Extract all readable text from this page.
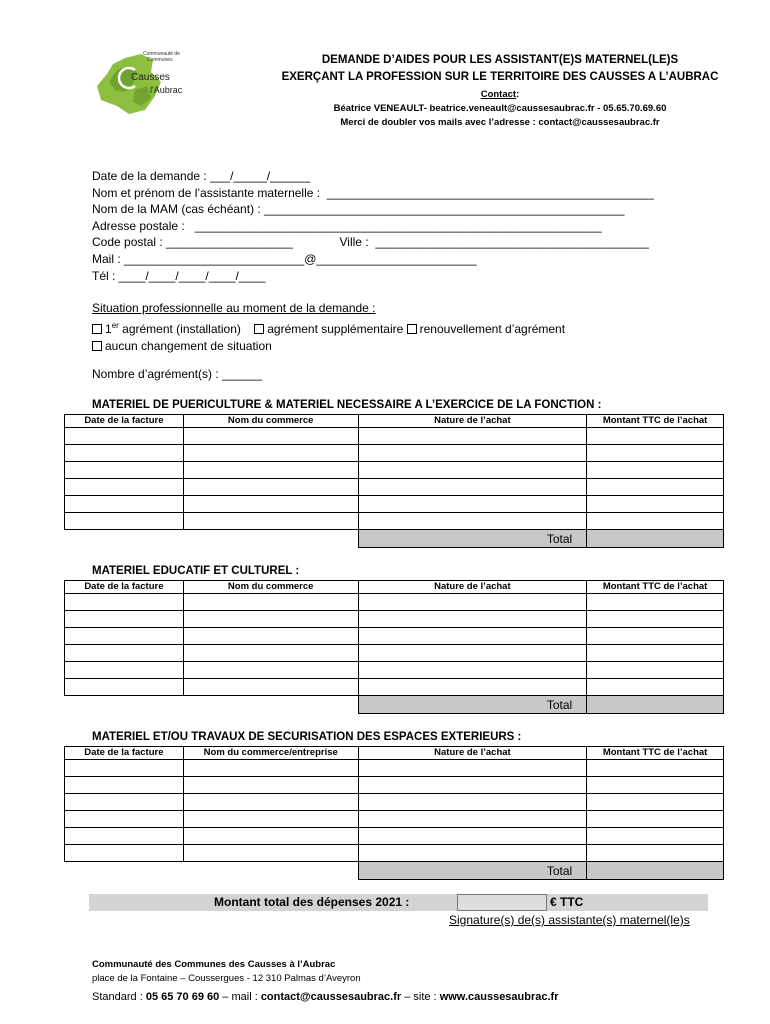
Communauté de
Communes
Causses
l'Aubrac
DEMANDE D’AIDES POUR LES ASSISTANT(E)S MATERNEL(LE)S
EXERÇANT LA PROFESSION SUR LE TERRITOIRE DES CAUSSES A L’AUBRAC
Contact:
Béatrice VENEAULT- beatrice.veneault@caussesaubrac.fr - 05.65.70.69.60
Merci de doubler vos mails avec l’adresse : contact@caussesaubrac.fr
Date de la demande : ___/_____/______
Nom et prénom de l’assistante maternelle :  _________________________________________________
Nom de la MAM (cas échéant) : ______________________________________________________
Adresse postale :   _____________________________________________________________
Code postal : ___________________              Ville :  _________________________________________
Mail : ___________________________@________________________
Tél : ____/____/____/____/____
Situation professionnelle au moment de la demande :
1er agrément (installation) agrément supplémentaire renouvellement d’agrément
aucun changement de situation
Nombre d’agrément(s) : ______
MATERIEL DE PUERICULTURE & MATERIEL NECESSAIRE A L’EXERCICE DE LA FONCTION :
Date de la facture	Nom du commerce	Nature de l’achat	Montant TTC de l’achat

		Total	
MATERIEL EDUCATIF ET CULTUREL :
Date de la facture	Nom du commerce	Nature de l’achat	Montant TTC de l’achat

		Total	
MATERIEL ET/OU TRAVAUX DE SECURISATION DES ESPACES EXTERIEURS :
Date de la facture	Nom du commerce/entreprise	Nature de l’achat	Montant TTC de l’achat

		Total	
Montant total des dépenses 2021 :	€ TTC
Signature(s) de(s) assistante(s) maternel(le)s
Communauté des Communes des Causses à l’Aubrac
place de la Fontaine – Coussergues - 12 310 Palmas d’Aveyron
Standard : 05 65 70 69 60 – mail : contact@caussesaubrac.fr – site : www.caussesaubrac.fr
